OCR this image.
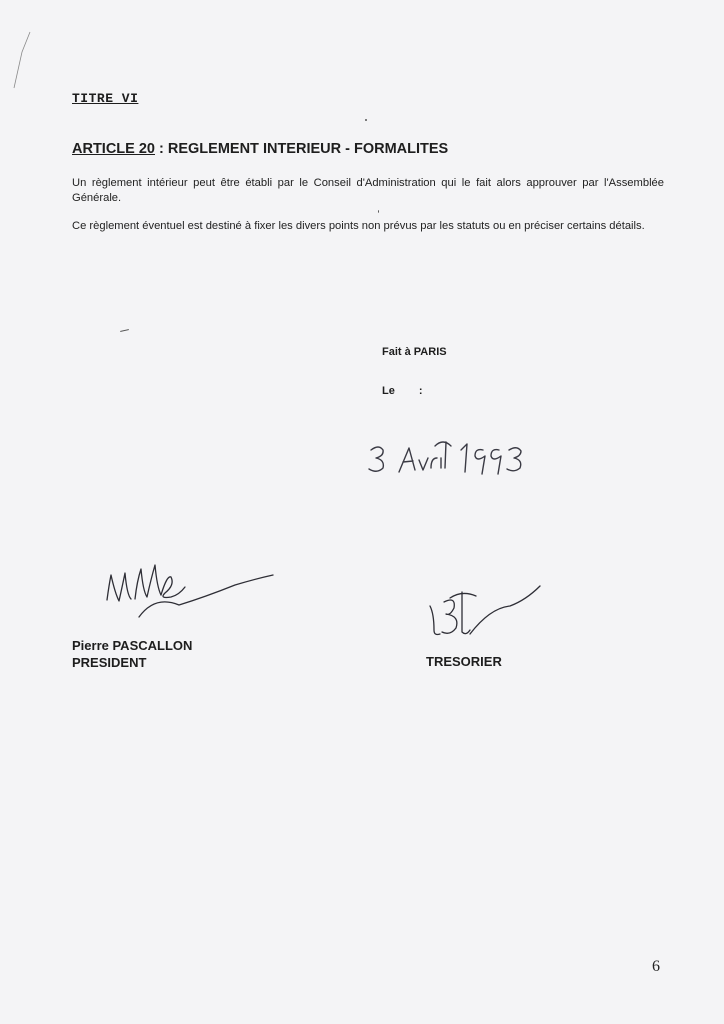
TITRE VI
ARTICLE 20 : REGLEMENT INTERIEUR - FORMALITES

Un règlement intérieur peut être établi par le Conseil d'Administration qui le fait alors approuver par l'Assemblée Générale.

Ce règlement éventuel est destiné à fixer les divers points non prévus par les statuts ou en préciser certains détails.

Fait à PARIS
Le :
Pierre PASCALLON
PRESIDENT	TRESORIER
6
